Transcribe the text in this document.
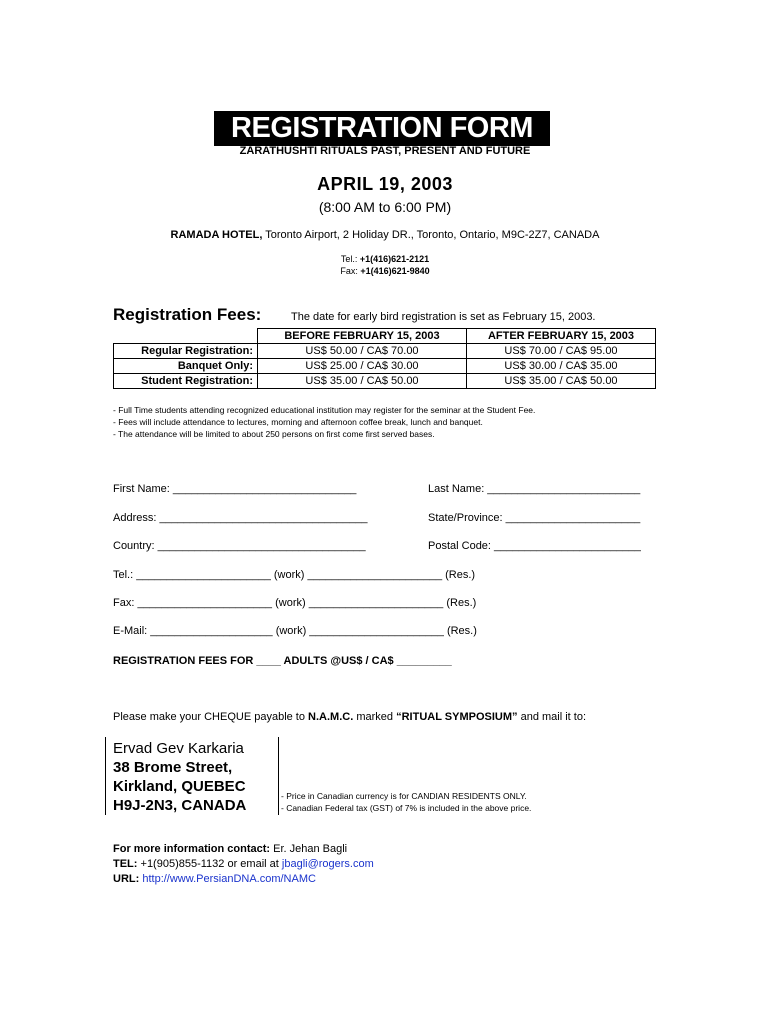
REGISTRATION FORM
ZARATHUSHTI RITUALS PAST, PRESENT AND FUTURE
APRIL 19, 2003
(8:00 AM to 6:00 PM)
RAMADA HOTEL, Toronto Airport, 2 Holiday DR., Toronto, Ontario, M9C-2Z7, CANADA
Tel.: +1(416)621-2121
Fax: +1(416)621-9840
Registration Fees:	The date for early bird registration is set as February 15, 2003.
	BEFORE FEBRUARY 15, 2003	AFTER FEBRUARY 15, 2003
Regular Registration:	US$ 50.00 / CA$ 70.00	US$ 70.00 / CA$ 95.00
Banquet Only:	US$ 25.00 / CA$ 30.00	US$ 30.00 / CA$ 35.00
Student Registration:	US$ 35.00 / CA$ 50.00	US$ 35.00 / CA$ 50.00
- Full Time students attending recognized educational institution may register for the seminar at the Student Fee.
- Fees will include attendance to lectures, morning and afternoon coffee break, lunch and banquet.
- The attendance will be limited to about 250 persons on first come first served bases.
First Name: ______________________________	Last Name: _________________________
Address: __________________________________	State/Province: ______________________
Country: __________________________________	Postal Code: ________________________
Tel.: ______________________ (work) ______________________ (Res.)
Fax: ______________________ (work) ______________________ (Res.)
E-Mail: ____________________ (work) ______________________ (Res.)
REGISTRATION FEES FOR ____ ADULTS @US$ / CA$ _________
Please make your CHEQUE payable to N.A.M.C. marked “RITUAL SYMPOSIUM” and mail it to:
Ervad Gev Karkaria
38 Brome Street,
Kirkland, QUEBEC
H9J-2N3, CANADA
- Price in Canadian currency is for CANDIAN RESIDENTS ONLY.
- Canadian Federal tax (GST) of 7% is included in the above price.
For more information contact: Er. Jehan Bagli
TEL: +1(905)855-1132 or email at jbagli@rogers.com
URL: http://www.PersianDNA.com/NAMC
